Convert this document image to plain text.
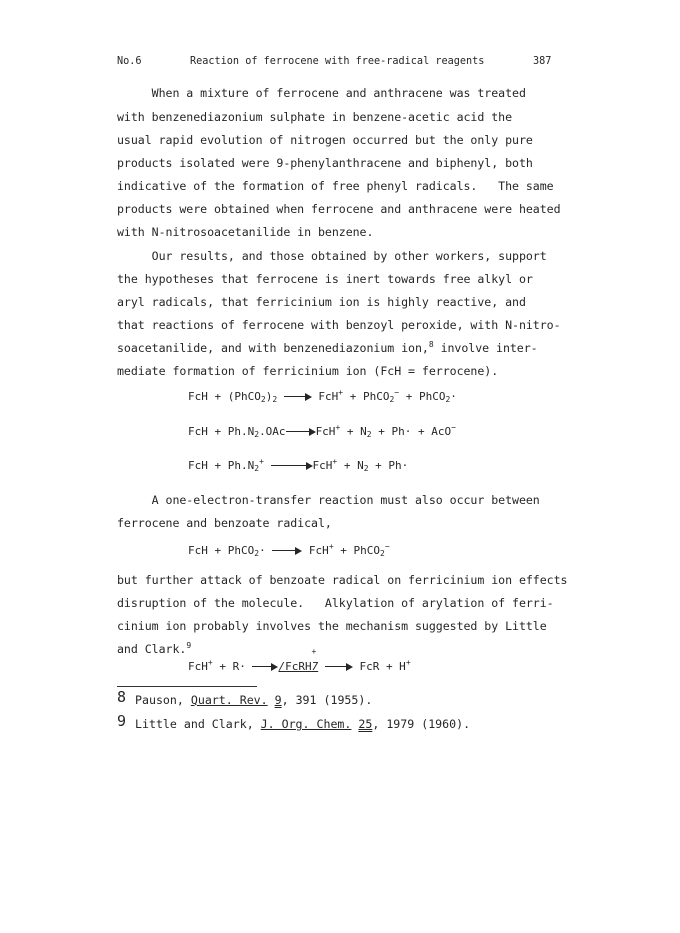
No.6	Reaction of ferrocene with free-radical reagents	387
When a mixture of ferrocene and anthracene was treated
with benzenediazonium sulphate in benzene-acetic acid the
usual rapid evolution of nitrogen occurred but the only pure
products isolated were 9-phenylanthracene and biphenyl, both
indicative of the formation of free phenyl radicals.   The same
products were obtained when ferrocene and anthracene were heated
with N-nitrosoacetanilide in benzene.
Our results, and those obtained by other workers, support
the hypotheses that ferrocene is inert towards free alkyl or
aryl radicals, that ferricinium ion is highly reactive, and
that reactions of ferrocene with benzoyl peroxide, with N-nitro-
soacetanilide, and with benzenediazonium ion,$^8$ involve inter-
mediate formation of ferricinium ion (FcH = ferrocene).
FcH + $(PhCO_2)_2$	FcH+ + PhCO$_2$− + PhCO$_2$·
FcH + $Ph.N_2.OAc$	$FcH^+ + N_2 + Ph\cdot + AcO^-$
FcH + $Ph.N_2^+$	$FcH^+ + N_2 + Ph\cdot$
A one-electron-transfer reaction must also occur between
ferrocene and benzoate radical,
FcH + PhCO$_2$·	FcH+ + PhCO$_2$−
but further attack of benzoate radical on ferricinium ion effects
disruption of the molecule.   Alkylation of arylation of ferri-
cinium ion probably involves the mechanism suggested by Little
and Clark.$^9$
FcH+ + R·	/FcRH7
+
FcR + H+
8 Pauson, Quart. Rev. 9, 391 (1955).
9 Little and Clark, J. Org. Chem. 25, 1979 (1960).
